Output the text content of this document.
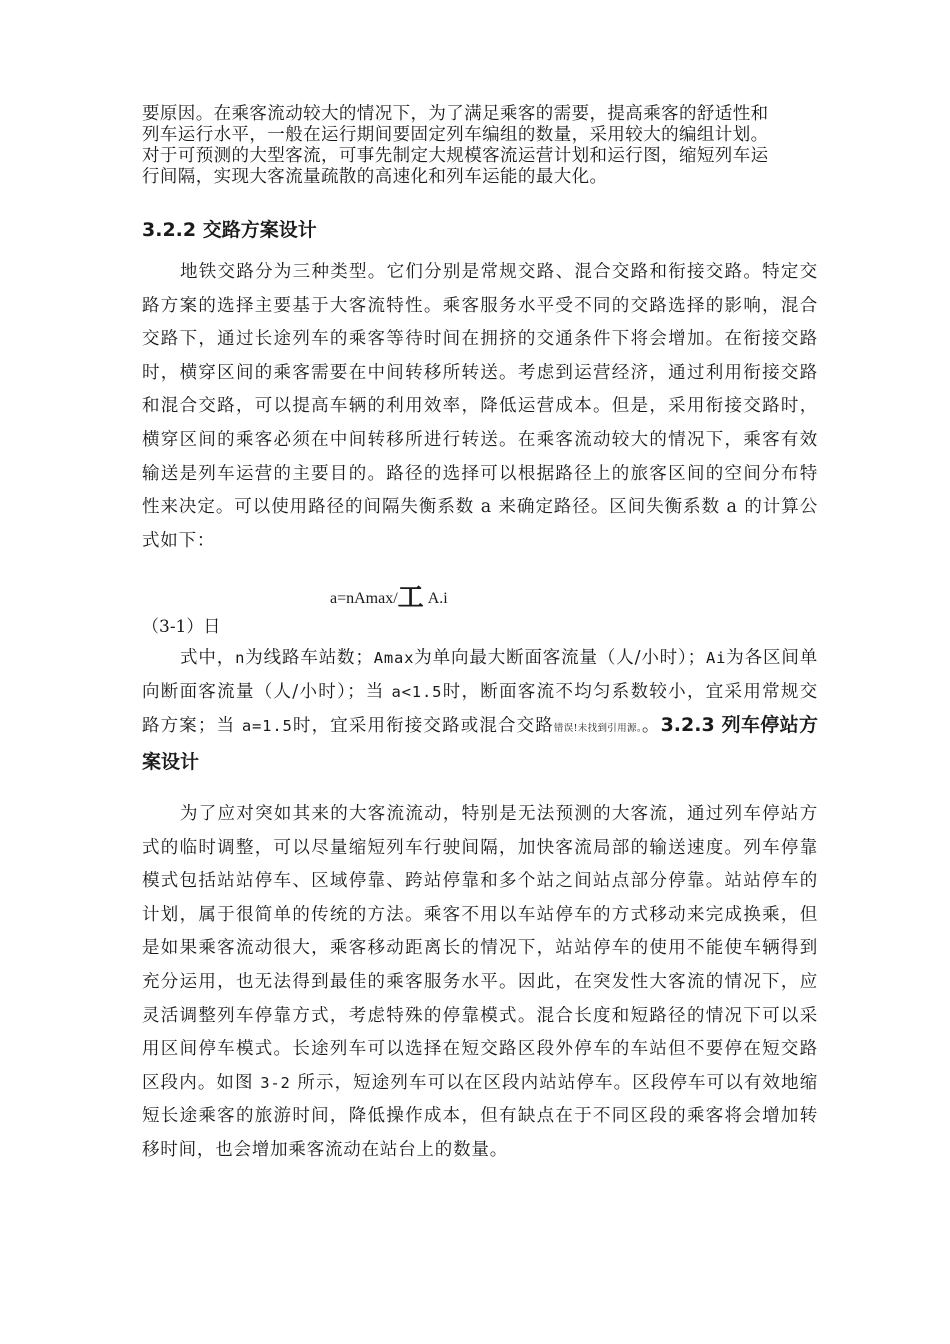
要原因。在乘客流动较大的情况下，为了满足乘客的需要，提高乘客的舒适性和

列车运行水平，一般在运行期间要固定列车编组的数量，采用较大的编组计划。

对于可预测的大型客流，可事先制定大规模客流运营计划和运行图，缩短列车运

行间隔，实现大客流量疏散的高速化和列车运能的最大化。

3.2.2 交路方案设计

地铁交路分为三种类型。它们分别是常规交路、混合交路和衔接交路。特定交路方案的选择主要基于大客流特性。乘客服务水平受不同的交路选择的影响，混合交路下，通过长途列车的乘客等待时间在拥挤的交通条件下将会增加。在衔接交路时，横穿区间的乘客需要在中间转移所转送。考虑到运营经济，通过利用衔接交路和混合交路，可以提高车辆的利用效率，降低运营成本。但是，采用衔接交路时，横穿区间的乘客必须在中间转移所进行转送。在乘客流动较大的情况下，乘客有效输送是列车运营的主要目的。路径的选择可以根据路径上的旅客区间的空间分布特性来决定。可以使用路径的间隔失衡系数 a 来确定路径。区间失衡系数 a 的计算公式如下：

a=nAmax/工 A.i
（3-1）日

式中，n为线路车站数；Amax为单向最大断面客流量（人/小时）；Ai为各区间单向断面客流量（人/小时）；当 a<1.5时，断面客流不均匀系数较小，宜采用常规交路方案；当 a=1.5时，宜采用衔接交路或混合交路错误!未找到引用源。。3.2.3 列车停站方案设计

为了应对突如其来的大客流流动，特别是无法预测的大客流，通过列车停站方式的临时调整，可以尽量缩短列车行驶间隔，加快客流局部的输送速度。列车停靠模式包括站站停车、区域停靠、跨站停靠和多个站之间站点部分停靠。站站停车的计划，属于很简单的传统的方法。乘客不用以车站停车的方式移动来完成换乘，但是如果乘客流动很大，乘客移动距离长的情况下，站站停车的使用不能使车辆得到充分运用，也无法得到最佳的乘客服务水平。因此，在突发性大客流的情况下，应灵活调整列车停靠方式，考虑特殊的停靠模式。混合长度和短路径的情况下可以采用区间停车模式。长途列车可以选择在短交路区段外停车的车站但不要停在短交路区段内。如图 3-2 所示，短途列车可以在区段内站站停车。区段停车可以有效地缩短长途乘客的旅游时间，降低操作成本，但有缺点在于不同区段的乘客将会增加转移时间，也会增加乘客流动在站台上的数量。
